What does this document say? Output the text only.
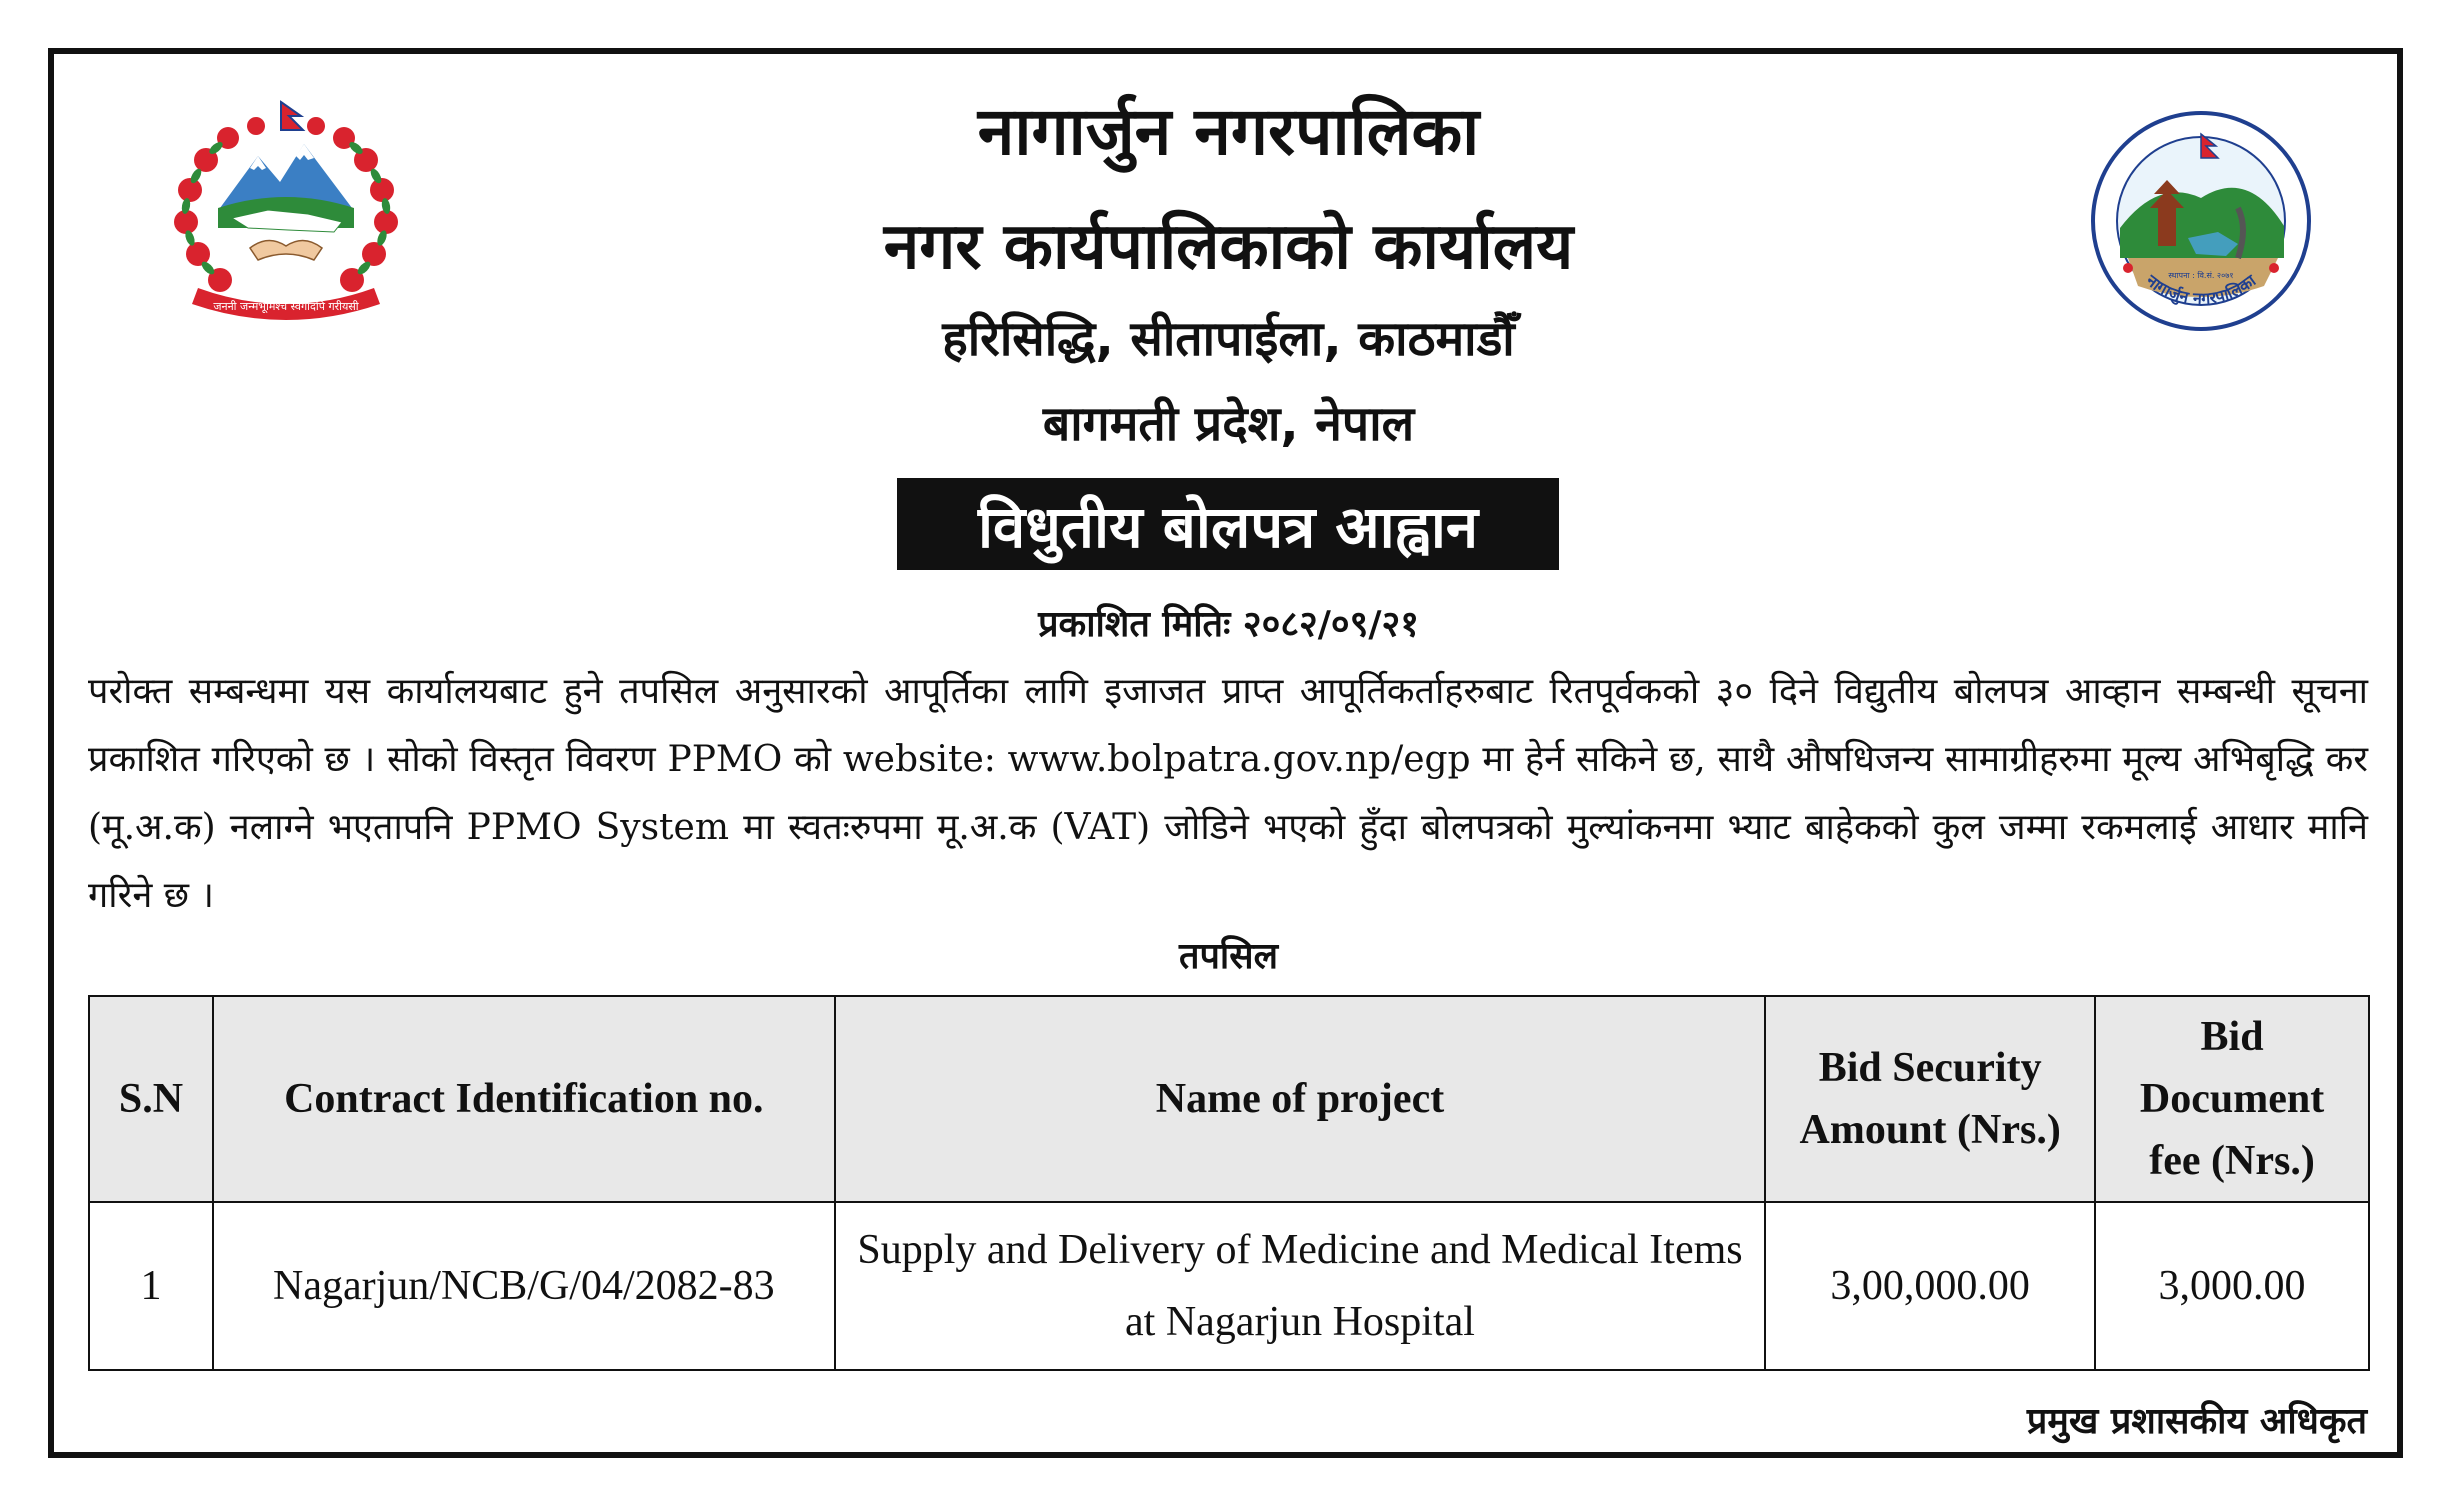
जननी जन्मभूमिश्च स्वर्गादपि गरीयसी
स्थापना : वि.सं. २०७१
नागार्जुन नगरपालिका
नागार्जुन नगरपालिका
नगर कार्यपालिकाको कार्यालय
हरिसिद्धि, सीतापाईला, काठमाडौँ
बागमती प्रदेश, नेपाल
विधुतीय बोलपत्र आह्वान
प्रकाशित मितिः २०८२/०९/२१

परोक्त सम्बन्धमा यस कार्यालयबाट हुने तपसिल अनुसारको आपूर्तिका लागि इजाजत प्राप्त आपूर्तिकर्ताहरुबाट रितपूर्वकको ३० दिने विद्युतीय बोलपत्र आव्हान सम्बन्धी सूचना प्रकाशित गरिएको छ । सोको विस्तृत विवरण PPMO को website: www.bolpatra.gov.np/egp मा हेर्न सकिने छ, साथै औषधिजन्य सामाग्रीहरुमा मूल्य अभिबृद्धि कर (मू.अ.क) नलाग्ने भएतापनि PPMO System मा स्वतःरुपमा मू.अ.क (VAT) जोडिने भएको हुँदा बोलपत्रको मुल्यांकनमा भ्याट बाहेकको कुल जम्मा रकमलाई आधार मानि गरिने छ ।

तपसिल
S.N	Contract Identification no.	Name of project	Bid Security Amount (Nrs.)	Bid Document fee (Nrs.)
1	Nagarjun/NCB/G/04/2082-83	Supply and Delivery of Medicine and Medical Items at Nagarjun Hospital	3,00,000.00	3,000.00
प्रमुख प्रशासकीय अधिकृत
